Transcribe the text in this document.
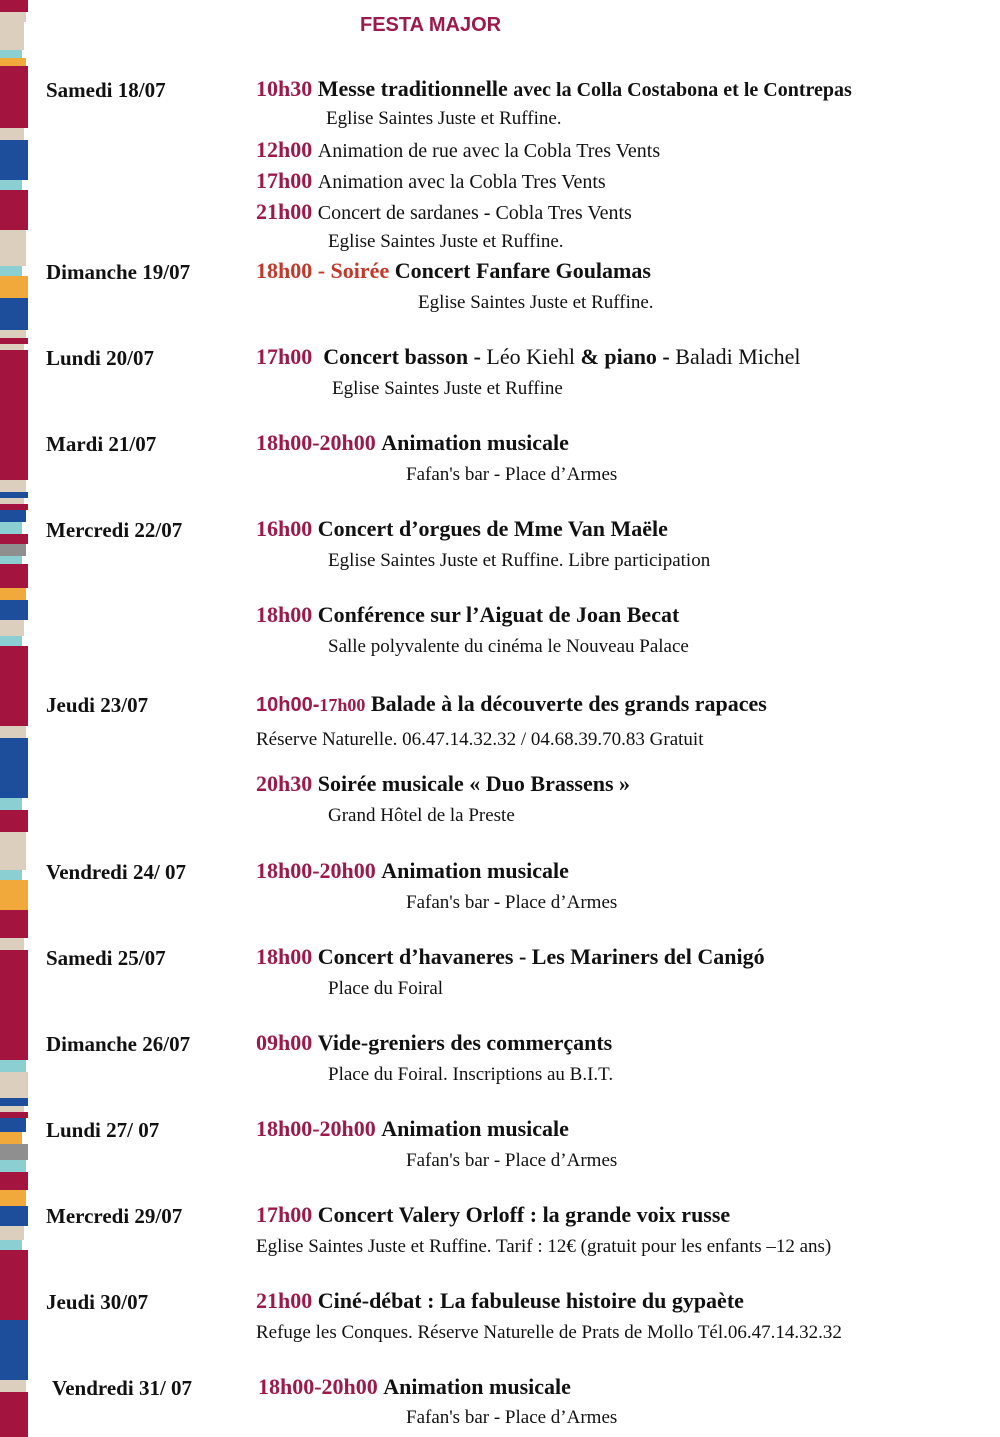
FESTA MAJOR
Samedi 18/07
Dimanche 19/07
Lundi 20/07
Mardi 21/07
Mercredi 22/07
Jeudi 23/07
Vendredi 24/ 07
Samedi 25/07
Dimanche 26/07
Lundi 27/ 07
Mercredi 29/07
Jeudi 30/07
Vendredi 31/ 07
10h30 Messe traditionnelle avec la Colla Costabona et le Contrepas
Eglise Saintes Juste et Ruffine.
12h00 Animation de rue avec la Cobla Tres Vents
17h00 Animation avec la Cobla Tres Vents
21h00 Concert de sardanes - Cobla Tres Vents
Eglise Saintes Juste et Ruffine.
18h00 - Soirée Concert Fanfare Goulamas
Eglise Saintes Juste et Ruffine.
17h00 Concert basson - Léo Kiehl & piano - Baladi Michel
Eglise Saintes Juste et Ruffine
18h00-20h00 Animation musicale
Fafan's bar - Place d’Armes
16h00 Concert d’orgues de Mme Van Maële
Eglise Saintes Juste et Ruffine. Libre participation
18h00 Conférence sur l’Aiguat de Joan Becat
Salle polyvalente du cinéma le Nouveau Palace
10h00-17h00 Balade à la découverte des grands rapaces
Réserve Naturelle. 06.47.14.32.32 / 04.68.39.70.83 Gratuit
20h30 Soirée musicale « Duo Brassens »
Grand Hôtel de la Preste
18h00-20h00 Animation musicale
Fafan's bar - Place d’Armes
18h00 Concert d’havaneres - Les Mariners del Canigó
Place du Foiral
09h00 Vide-greniers des commerçants
Place du Foiral. Inscriptions au B.I.T.
18h00-20h00 Animation musicale
Fafan's bar - Place d’Armes
17h00 Concert Valery Orloff : la grande voix russe
Eglise Saintes Juste et Ruffine. Tarif : 12€ (gratuit pour les enfants –12 ans)
21h00 Ciné-débat : La fabuleuse histoire du gypaète
Refuge les Conques. Réserve Naturelle de Prats de Mollo Tél.06.47.14.32.32
18h00-20h00 Animation musicale
Fafan's bar - Place d’Armes
